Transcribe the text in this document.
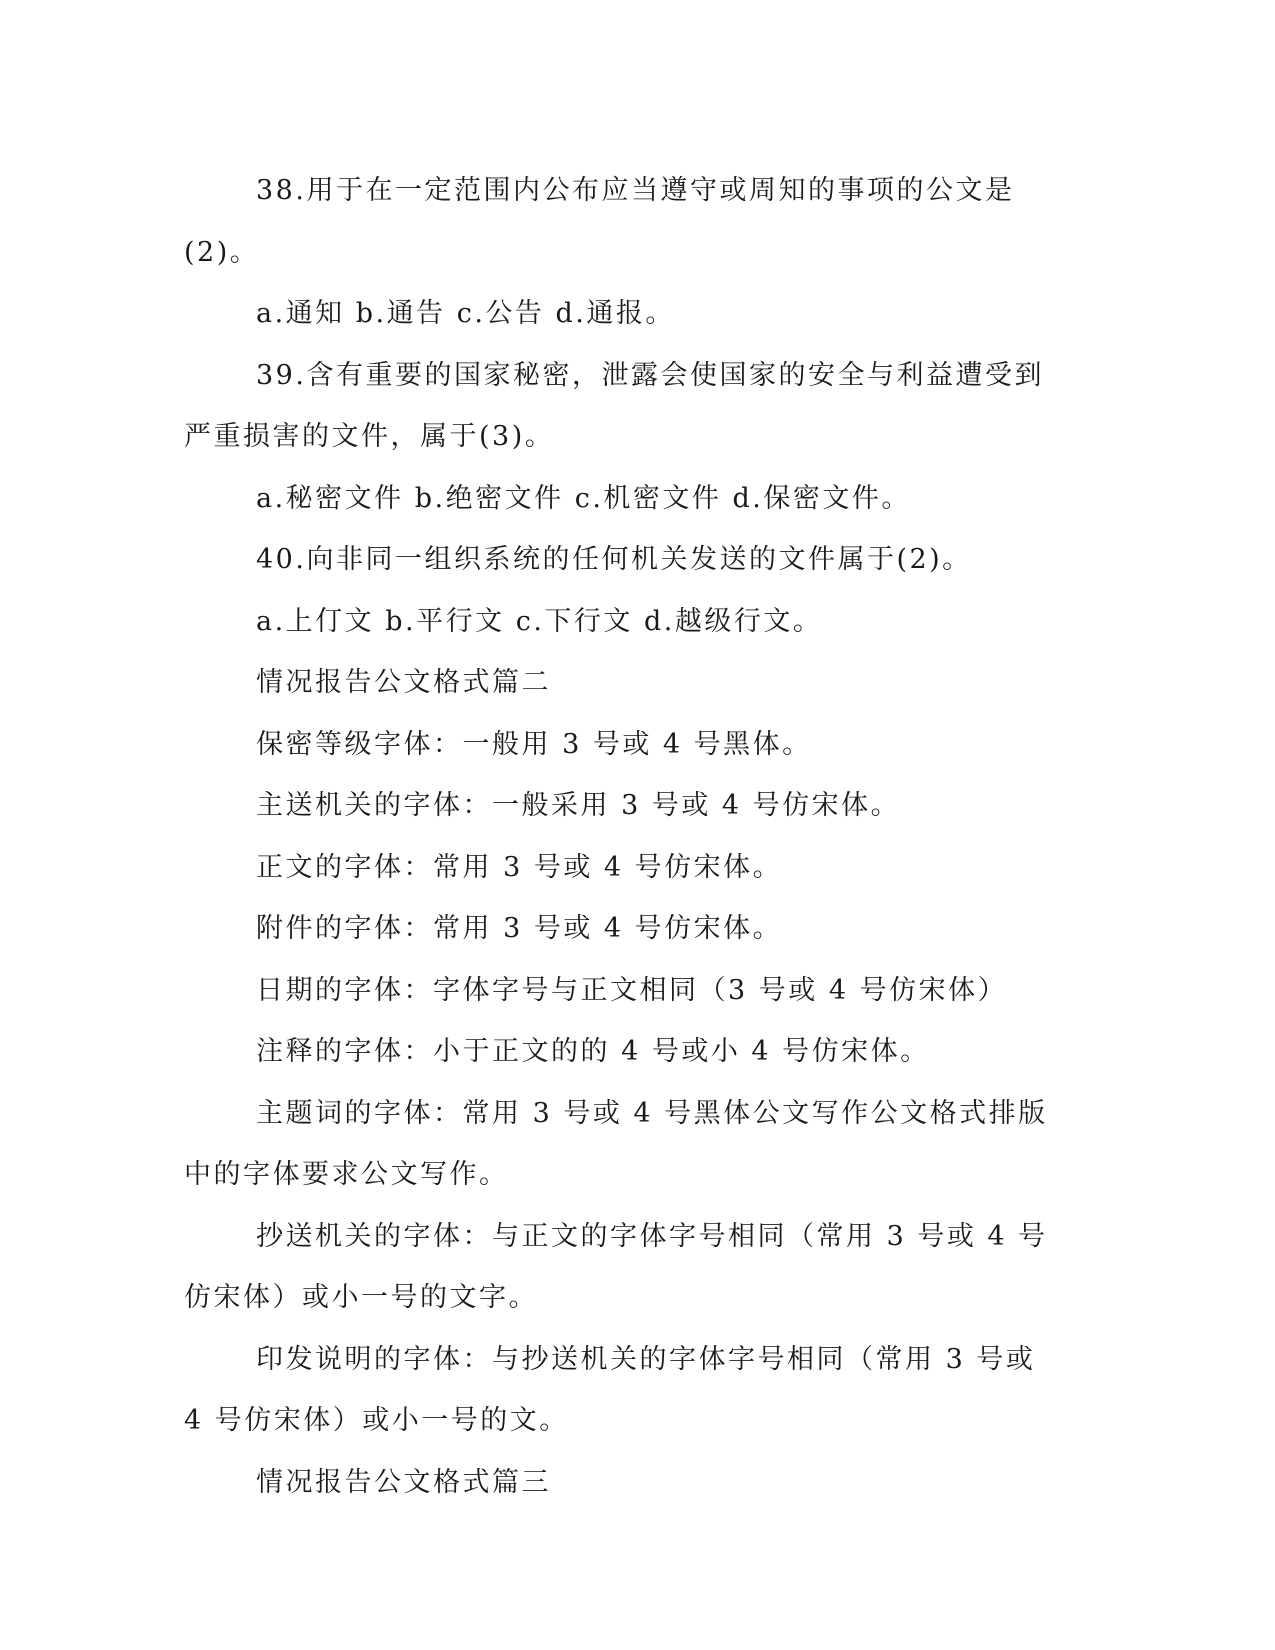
38.用于在一定范围内公布应当遵守或周知的事项的公文是(2)。

a.通知 b.通告 c.公告 d.通报。

39.含有重要的国家秘密，泄露会使国家的安全与利益遭受到严重损害的文件，属于(3)。

a.秘密文件 b.绝密文件 c.机密文件 d.保密文件。

40.向非同一组织系统的任何机关发送的文件属于(2)。

a.上仃文 b.平行文 c.下行文 d.越级行文。

情况报告公文格式篇二

保密等级字体：一般用 3 号或 4 号黑体。

主送机关的字体：一般采用 3 号或 4 号仿宋体。

正文的字体：常用 3 号或 4 号仿宋体。

附件的字体：常用 3 号或 4 号仿宋体。

日期的字体：字体字号与正文相同（3 号或 4 号仿宋体）

注释的字体：小于正文的的 4 号或小 4 号仿宋体。

主题词的字体：常用 3 号或 4 号黑体公文写作公文格式排版中的字体要求公文写作。

抄送机关的字体：与正文的字体字号相同（常用 3 号或 4 号仿宋体）或小一号的文字。

印发说明的字体：与抄送机关的字体字号相同（常用 3 号或 4 号仿宋体）或小一号的文。

情况报告公文格式篇三
